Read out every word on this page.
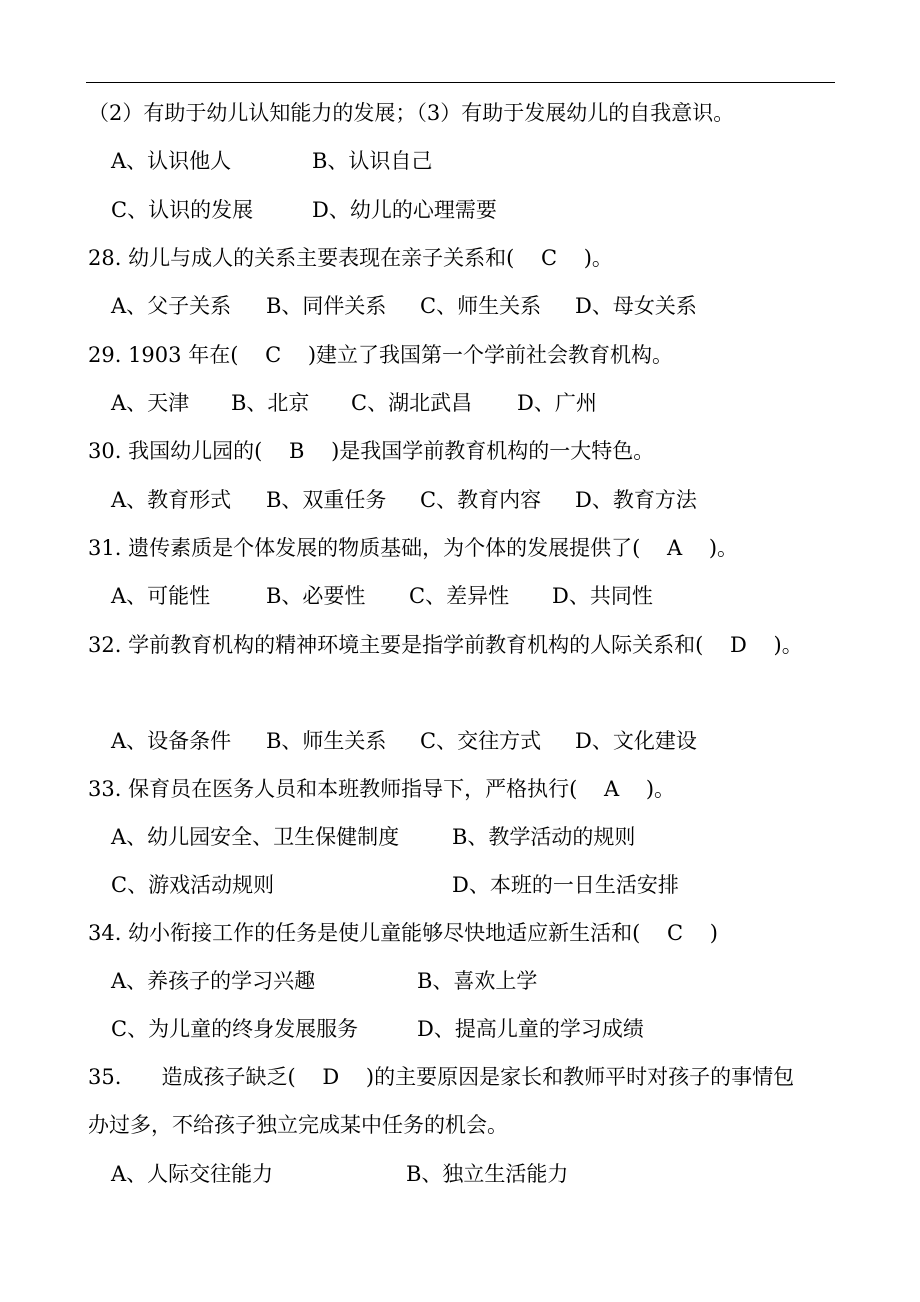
（2）有助于幼儿认知能力的发展；（3）有助于发展幼儿的自我意识。

A、认识他人

	B、认识自己

C、认识的发展

	D、幼儿的心理需要

28. 幼儿与成人的关系主要表现在亲子关系和(    C    )。

A、父子关系

B、同伴关系

C、师生关系

D、母女关系

29. 1903 年在(    C    )建立了我国第一个学前社会教育机构。

A、天津

B、北京

C、湖北武昌

D、广州

30. 我国幼儿园的(    B    )是我国学前教育机构的一大特色。

A、教育形式

B、双重任务

C、教育内容

D、教育方法

31. 遗传素质是个体发展的物质基础，为个体的发展提供了(    A    )。

A、可能性

	B、必要性

C、差异性

D、共同性

32. 学前教育机构的精神环境主要是指学前教育机构的人际关系和(    D    )。

A、设备条件

B、师生关系

C、交往方式

D、文化建设

33. 保育员在医务人员和本班教师指导下，严格执行(    A    )。

A、幼儿园安全、卫生保健制度

	B、教学活动的规则

C、游戏活动规则

	D、本班的一日生活安排

34. 幼小衔接工作的任务是使儿童能够尽快地适应新生活和(    C    )

A、养孩子的学习兴趣

	B、喜欢上学

C、为儿童的终身发展服务

	D、提高儿童的学习成绩

35.      造成孩子缺乏(    D    )的主要原因是家长和教师平时对孩子的事情包
办过多，不给孩子独立完成某中任务的机会。

A、人际交往能力

	B、独立生活能力
